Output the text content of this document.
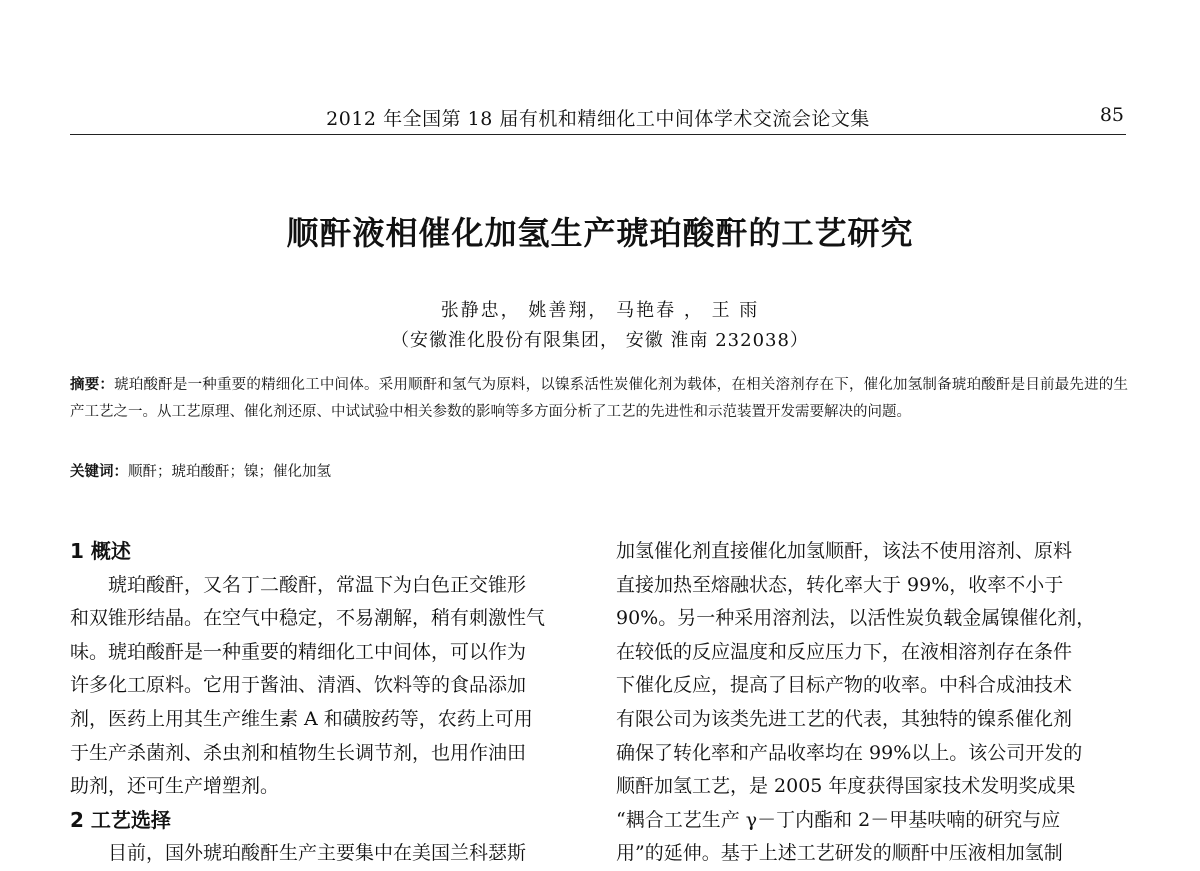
2012 年全国第 18 届有机和精细化工中间体学术交流会论文集	85
顺酐液相催化加氢生产琥珀酸酐的工艺研究
张静忠， 姚善翔， 马艳春 ， 王 雨
（安徽淮化股份有限集团， 安徽 淮南 232038）
摘要：琥珀酸酐是一种重要的精细化工中间体。采用顺酐和氢气为原料，以镍系活性炭催化剂为载体，在相关溶剂存在下，催化加氢制备琥珀酸酐是目前最先进的生产工艺之一。从工艺原理、催化剂还原、中试试验中相关参数的影响等多方面分析了工艺的先进性和示范装置开发需要解决的问题。
关键词：顺酐；琥珀酸酐；镍；催化加氢
1 概述
琥珀酸酐，又名丁二酸酐，常温下为白色正交锥形
和双锥形结晶。在空气中稳定，不易潮解，稍有刺激性气
味。琥珀酸酐是一种重要的精细化工中间体，可以作为
许多化工原料。它用于酱油、清酒、饮料等的食品添加
剂，医药上用其生产维生素 A 和磺胺药等，农药上可用
于生产杀菌剂、杀虫剂和植物生长调节剂，也用作油田
助剂，还可生产增塑剂。
2 工艺选择
目前，国外琥珀酸酐生产主要集中在美国兰科瑟斯
加氢催化剂直接催化加氢顺酐，该法不使用溶剂、原料
直接加热至熔融状态，转化率大于 99%，收率不小于
90%。另一种采用溶剂法，以活性炭负载金属镍催化剂，
在较低的反应温度和反应压力下，在液相溶剂存在条件
下催化反应，提高了目标产物的收率。中科合成油技术
有限公司为该类先进工艺的代表，其独特的镍系催化剂
确保了转化率和产品收率均在 99%以上。该公司开发的
顺酐加氢工艺，是 2005 年度获得国家技术发明奖成果
“耦合工艺生产 γ－丁内酯和 2－甲基呋喃的研究与应
用”的延伸。基于上述工艺研发的顺酐中压液相加氢制
